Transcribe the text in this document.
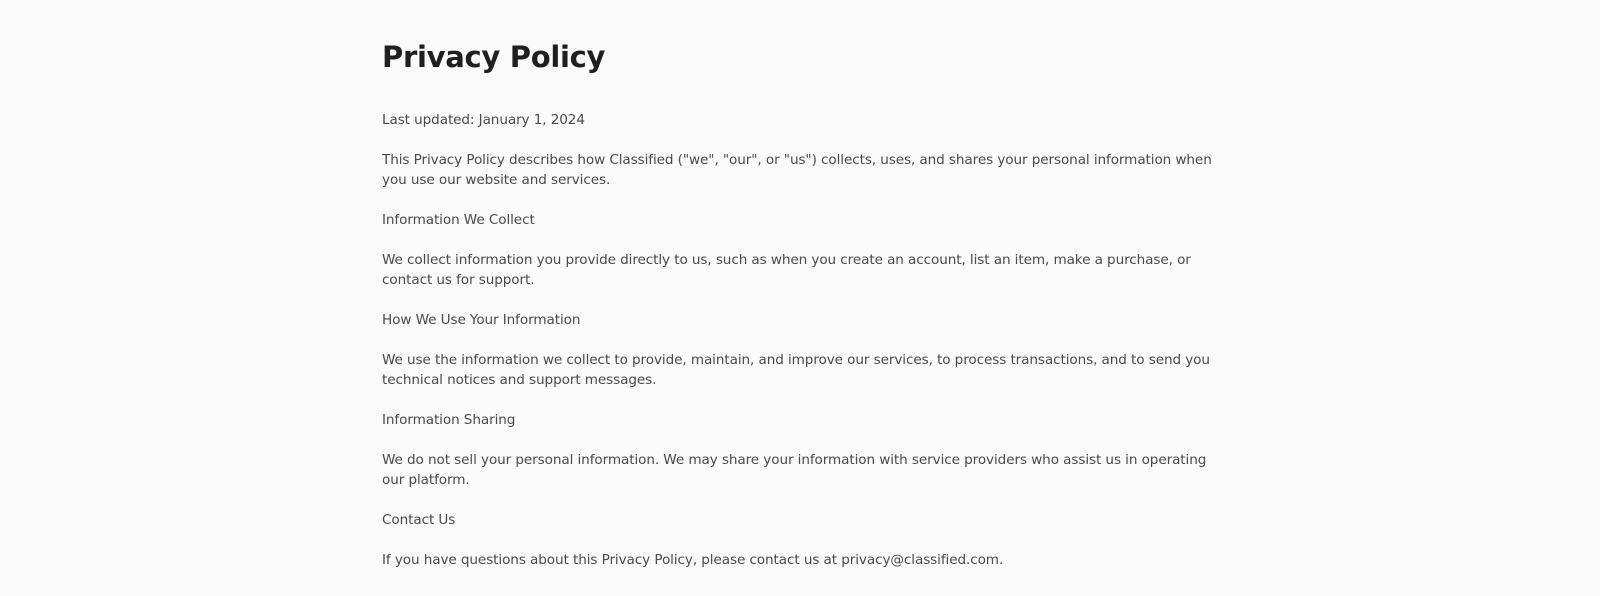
Privacy Policy

Last updated: January 1, 2024

This Privacy Policy describes how Classified ("we", "our", or "us") collects, uses, and shares your personal information when you use our website and services.

Information We Collect

We collect information you provide directly to us, such as when you create an account, list an item, make a purchase, or contact us for support.

How We Use Your Information

We use the information we collect to provide, maintain, and improve our services, to process transactions, and to send you technical notices and support messages.

Information Sharing

We do not sell your personal information. We may share your information with service providers who assist us in operating our platform.

Contact Us

If you have questions about this Privacy Policy, please contact us at privacy@classified.com.
